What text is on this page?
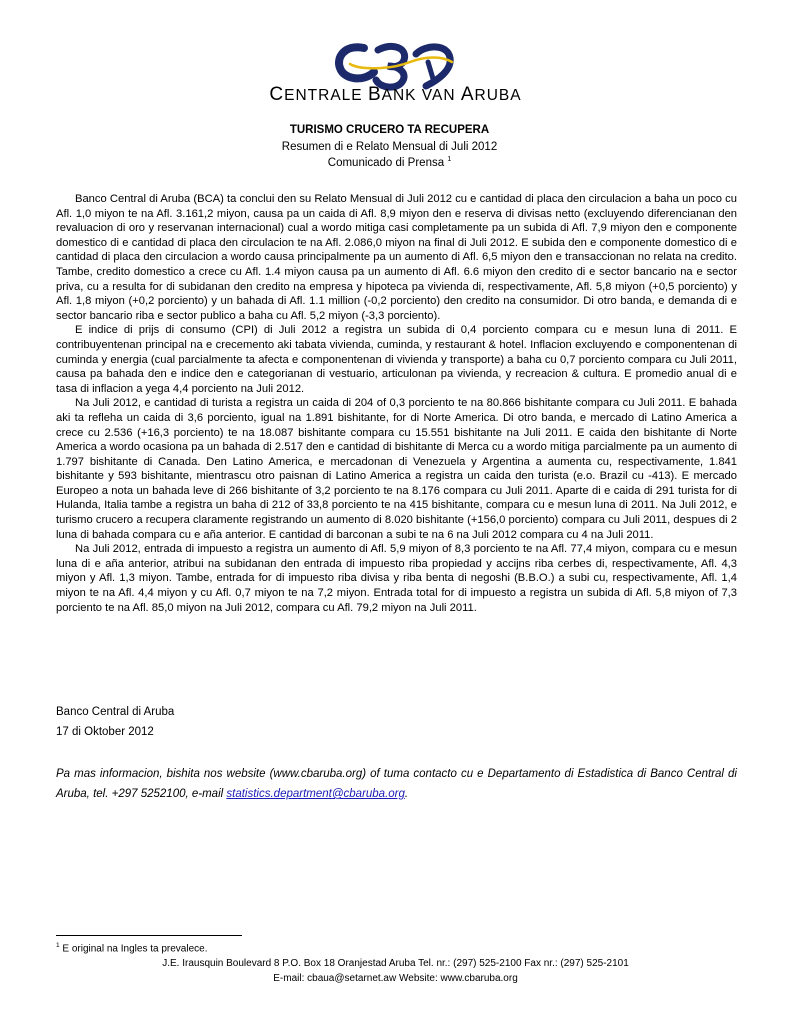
CENTRALE BANK VAN ARUBA
TURISMO CRUCERO TA RECUPERA
Resumen di e Relato Mensual di Juli 2012
Comunicado di Prensa $^1$

Banco Central di Aruba (BCA) ta conclui den su Relato Mensual di Juli 2012 cu e cantidad di placa den circulacion a baha un poco cu Afl. 1,0 miyon te na Afl. 3.161,2 miyon, causa pa un caida di Afl. 8,9 miyon den e reserva di divisas netto (excluyendo diferencianan den revaluacion di oro y reservanan internacional) cual a wordo mitiga casi completamente pa un subida di Afl. 7,9 miyon den e componente domestico di e cantidad di placa den circulacion te na Afl. 2.086,0 miyon na final di Juli 2012. E subida den e componente domestico di e cantidad di placa den circulacion a wordo causa principalmente pa un aumento di Afl. 6,5 miyon den e transaccionan no relata na credito. Tambe, credito domestico a crece cu Afl. 1.4 miyon causa pa un aumento di Afl. 6.6 miyon den credito di e sector bancario na e sector priva, cu a resulta for di subidanan den credito na empresa y hipoteca pa vivienda di, respectivamente, Afl. 5,8 miyon (+0,5 porciento) y Afl. 1,8 miyon (+0,2 porciento) y un bahada di Afl. 1.1 million (-0,2 porciento) den credito na consumidor. Di otro banda, e demanda di e sector bancario riba e sector publico a baha cu Afl. 5,2 miyon (-3,3 porciento).

E indice di prijs di consumo (CPI) di Juli 2012 a registra un subida di 0,4 porciento compara cu e mesun luna di 2011. E contribuyentenan principal na e crecemento aki tabata vivienda, cuminda, y restaurant & hotel. Inflacion excluyendo e componentenan di cuminda y energia (cual parcialmente ta afecta e componentenan di vivienda y transporte) a baha cu 0,7 porciento compara cu Juli 2011, causa pa bahada den e indice den e categorianan di vestuario, articulonan pa vivienda, y recreacion & cultura. E promedio anual di e tasa di inflacion a yega 4,4 porciento na Juli 2012.

Na Juli 2012, e cantidad di turista a registra un caida di 204 of 0,3 porciento te na 80.866 bishitante compara cu Juli 2011. E bahada aki ta refleha un caida di 3,6 porciento, igual na 1.891 bishitante, for di Norte America. Di otro banda, e mercado di Latino America a crece cu 2.536 (+16,3 porciento) te na 18.087 bishitante compara cu 15.551 bishitante na Juli 2011. E caida den bishitante di Norte America a wordo ocasiona pa un bahada di 2.517 den e cantidad di bishitante di Merca cu a wordo mitiga parcialmente pa un aumento di 1.797 bishitante di Canada. Den Latino America, e mercadonan di Venezuela y Argentina a aumenta cu, respectivamente, 1.841 bishitante y 593 bishitante, mientrascu otro paisnan di Latino America a registra un caida den turista (e.o. Brazil cu -413). E mercado Europeo a nota un bahada leve di 266 bishitante of 3,2 porciento te na 8.176 compara cu Juli 2011. Aparte di e caida di 291 turista for di Hulanda, Italia tambe a registra un baha di 212 of 33,8 porciento te na 415 bishitante, compara cu e mesun luna di 2011. Na Juli 2012, e turismo crucero a recupera claramente registrando un aumento di 8.020 bishitante (+156,0 porciento) compara cu Juli 2011, despues di 2 luna di bahada compara cu e aña anterior. E cantidad di barconan a subi te na 6 na Juli 2012 compara cu 4 na Juli 2011.

Na Juli 2012, entrada di impuesto a registra un aumento di Afl. 5,9 miyon of 8,3 porciento te na Afl. 77,4 miyon, compara cu e mesun luna di e aña anterior, atribui na subidanan den entrada di impuesto riba propiedad y accijns riba cerbes di, respectivamente, Afl. 4,3 miyon y Afl. 1,3 miyon. Tambe, entrada for di impuesto riba divisa y riba benta di negoshi (B.B.O.) a subi cu, respectivamente, Afl. 1,4 miyon te na Afl. 4,4 miyon y cu Afl. 0,7 miyon te na 7,2 miyon. Entrada total for di impuesto a registra un subida di Afl. 5,8 miyon of 7,3 porciento te na Afl. 85,0 miyon na Juli 2012, compara cu Afl. 79,2 miyon na Juli 2011.

Banco Central di Aruba
17 di Oktober 2012
Pa mas informacion, bishita nos website (www.cbaruba.org) of tuma contacto cu e Departamento di Estadistica di Banco Central di Aruba, tel. +297 5252100, e-mail statistics.department@cbaruba.org.
$^1$ E original na Ingles ta prevalece.
J.E. Irausquin Boulevard 8 P.O. Box 18 Oranjestad Aruba Tel. nr.: (297) 525-2100 Fax nr.: (297) 525-2101
E-mail: cbaua@setarnet.aw Website: www.cbaruba.org
